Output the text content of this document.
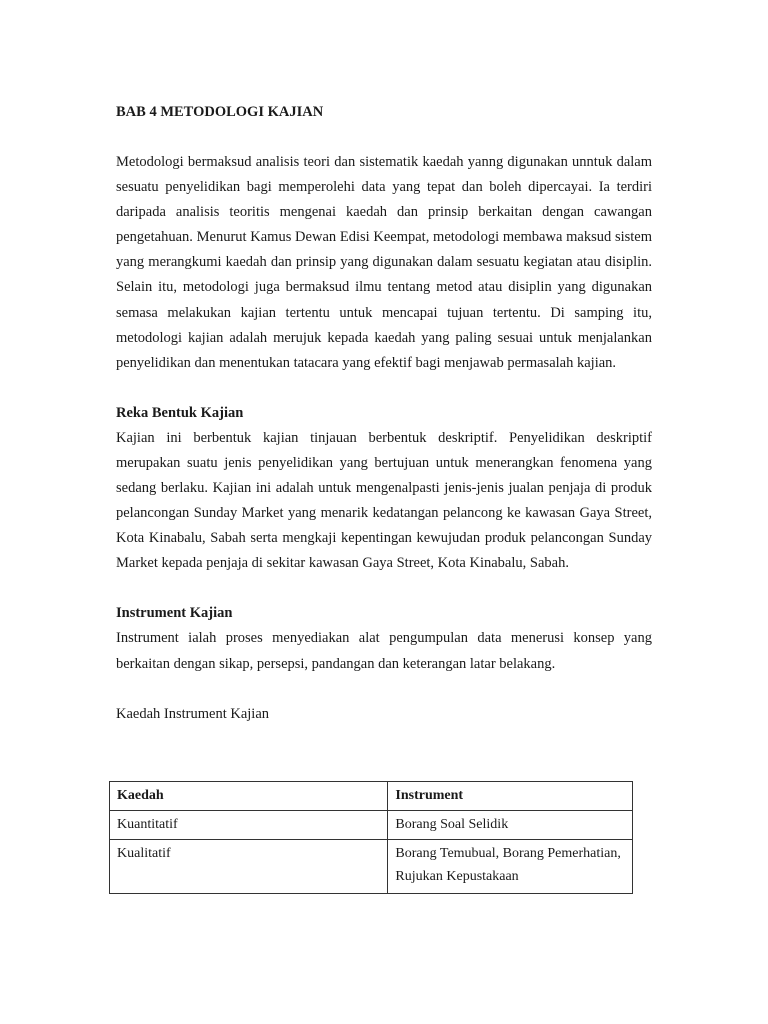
BAB 4 METODOLOGI KAJIAN

Metodologi bermaksud analisis teori dan sistematik kaedah yanng digunakan unntuk dalam sesuatu penyelidikan bagi memperolehi data yang tepat dan boleh dipercayai. Ia terdiri daripada analisis teoritis mengenai kaedah dan prinsip berkaitan dengan cawangan pengetahuan. Menurut Kamus Dewan Edisi Keempat, metodologi membawa maksud sistem yang merangkumi kaedah dan prinsip yang digunakan dalam sesuatu kegiatan atau disiplin. Selain itu, metodologi juga bermaksud ilmu tentang metod atau disiplin yang digunakan semasa melakukan kajian tertentu untuk mencapai tujuan tertentu. Di samping itu, metodologi kajian adalah merujuk kepada kaedah yang paling sesuai untuk menjalankan penyelidikan dan menentukan tatacara yang efektif bagi menjawab permasalah kajian.

Reka Bentuk Kajian

Kajian ini berbentuk kajian tinjauan berbentuk deskriptif. Penyelidikan deskriptif merupakan suatu jenis penyelidikan yang bertujuan untuk menerangkan fenomena yang sedang berlaku. Kajian ini adalah untuk mengenalpasti jenis-jenis jualan penjaja di produk pelancongan Sunday Market yang menarik kedatangan pelancong ke kawasan Gaya Street, Kota Kinabalu, Sabah serta mengkaji kepentingan kewujudan produk pelancongan Sunday Market kepada penjaja di sekitar kawasan Gaya Street, Kota Kinabalu, Sabah.

Instrument Kajian

Instrument ialah proses menyediakan alat pengumpulan data menerusi konsep yang berkaitan dengan sikap, persepsi, pandangan dan keterangan latar belakang.

Kaedah Instrument Kajian

Kaedah	Instrument
Kuantitatif	Borang Soal Selidik
Kualitatif	Borang Temubual, Borang Pemerhatian, Rujukan Kepustakaan
